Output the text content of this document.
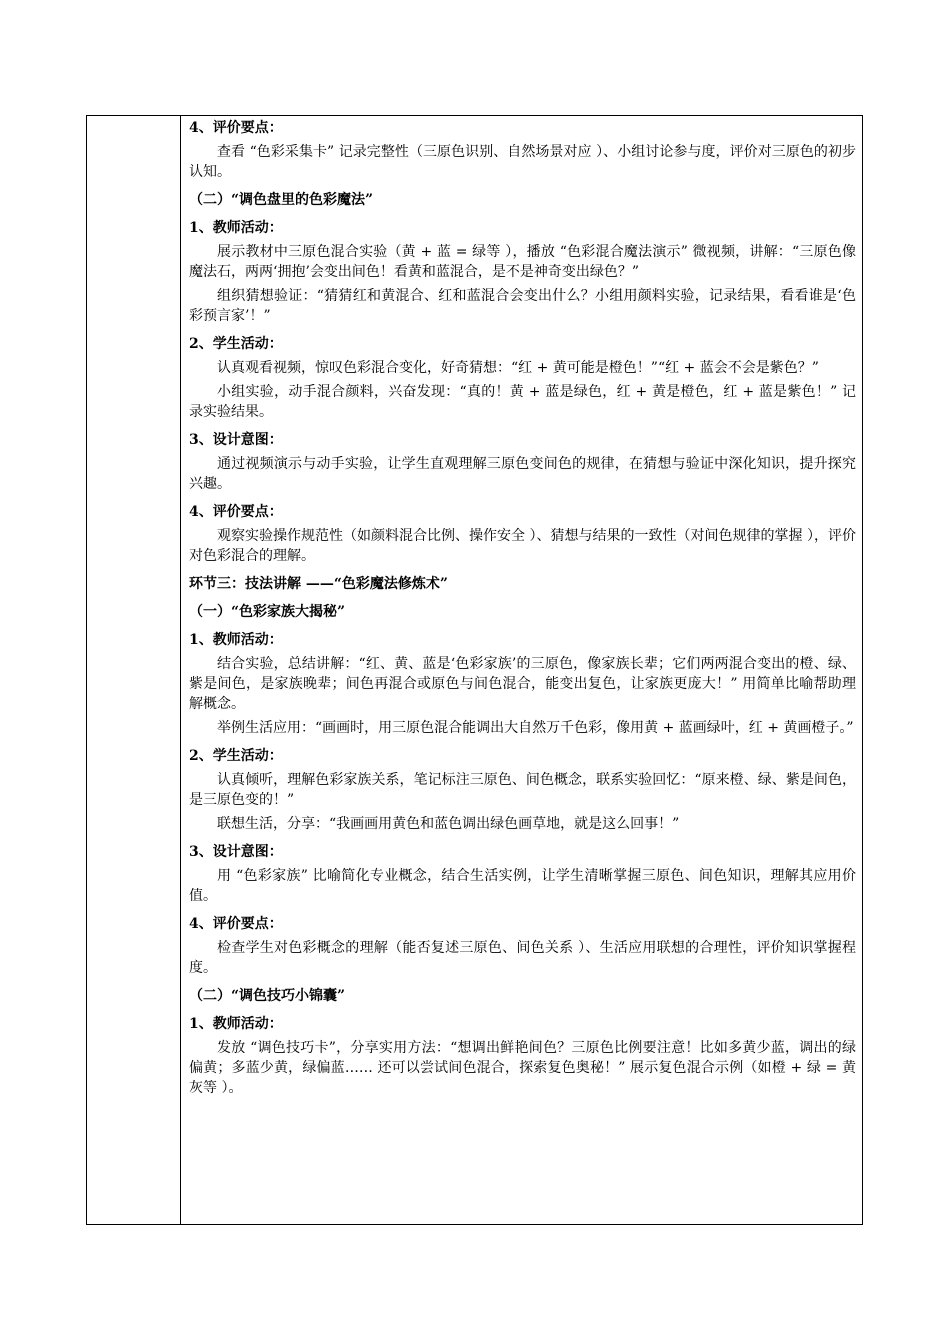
4、评价要点：
查看 “色彩采集卡” 记录完整性（三原色识别、自然场景对应 ）、小组讨论参与度，评价对三原色的初步认知。
（二）“调色盘里的色彩魔法”
1、教师活动：
展示教材中三原色混合实验（黄 + 蓝 = 绿等 ），播放 “色彩混合魔法演示” 微视频，讲解：“三原色像魔法石，两两‘拥抱’会变出间色！看黄和蓝混合，是不是神奇变出绿色？”
组织猜想验证：“猜猜红和黄混合、红和蓝混合会变出什么？小组用颜料实验，记录结果，看看谁是‘色彩预言家’！”
2、学生活动：
认真观看视频，惊叹色彩混合变化，好奇猜想：“红 + 黄可能是橙色！”“红 + 蓝会不会是紫色？”
小组实验，动手混合颜料，兴奋发现：“真的！黄 + 蓝是绿色，红 + 黄是橙色，红 + 蓝是紫色！” 记录实验结果。
3、设计意图：
通过视频演示与动手实验，让学生直观理解三原色变间色的规律，在猜想与验证中深化知识，提升探究兴趣。
4、评价要点：
观察实验操作规范性（如颜料混合比例、操作安全 ）、猜想与结果的一致性（对间色规律的掌握 ），评价对色彩混合的理解。
环节三：技法讲解 ——“色彩魔法修炼术”
（一）“色彩家族大揭秘”
1、教师活动：
结合实验，总结讲解：“红、黄、蓝是‘色彩家族’的三原色，像家族长辈；它们两两混合变出的橙、绿、紫是间色，是家族晚辈；间色再混合或原色与间色混合，能变出复色，让家族更庞大！” 用简单比喻帮助理解概念。
举例生活应用：“画画时，用三原色混合能调出大自然万千色彩，像用黄 + 蓝画绿叶，红 + 黄画橙子。”
2、学生活动：
认真倾听，理解色彩家族关系，笔记标注三原色、间色概念，联系实验回忆：“原来橙、绿、紫是间色，是三原色变的！”
联想生活，分享：“我画画用黄色和蓝色调出绿色画草地，就是这么回事！”
3、设计意图：
用 “色彩家族” 比喻简化专业概念，结合生活实例，让学生清晰掌握三原色、间色知识，理解其应用价值。
4、评价要点：
检查学生对色彩概念的理解（能否复述三原色、间色关系 ）、生活应用联想的合理性，评价知识掌握程度。
（二）“调色技巧小锦囊”
1、教师活动：
发放 “调色技巧卡”，分享实用方法：“想调出鲜艳间色？三原色比例要注意！比如多黄少蓝，调出的绿偏黄；多蓝少黄，绿偏蓝…… 还可以尝试间色混合，探索复色奥秘！” 展示复色混合示例（如橙 + 绿 = 黄灰等 ）。
